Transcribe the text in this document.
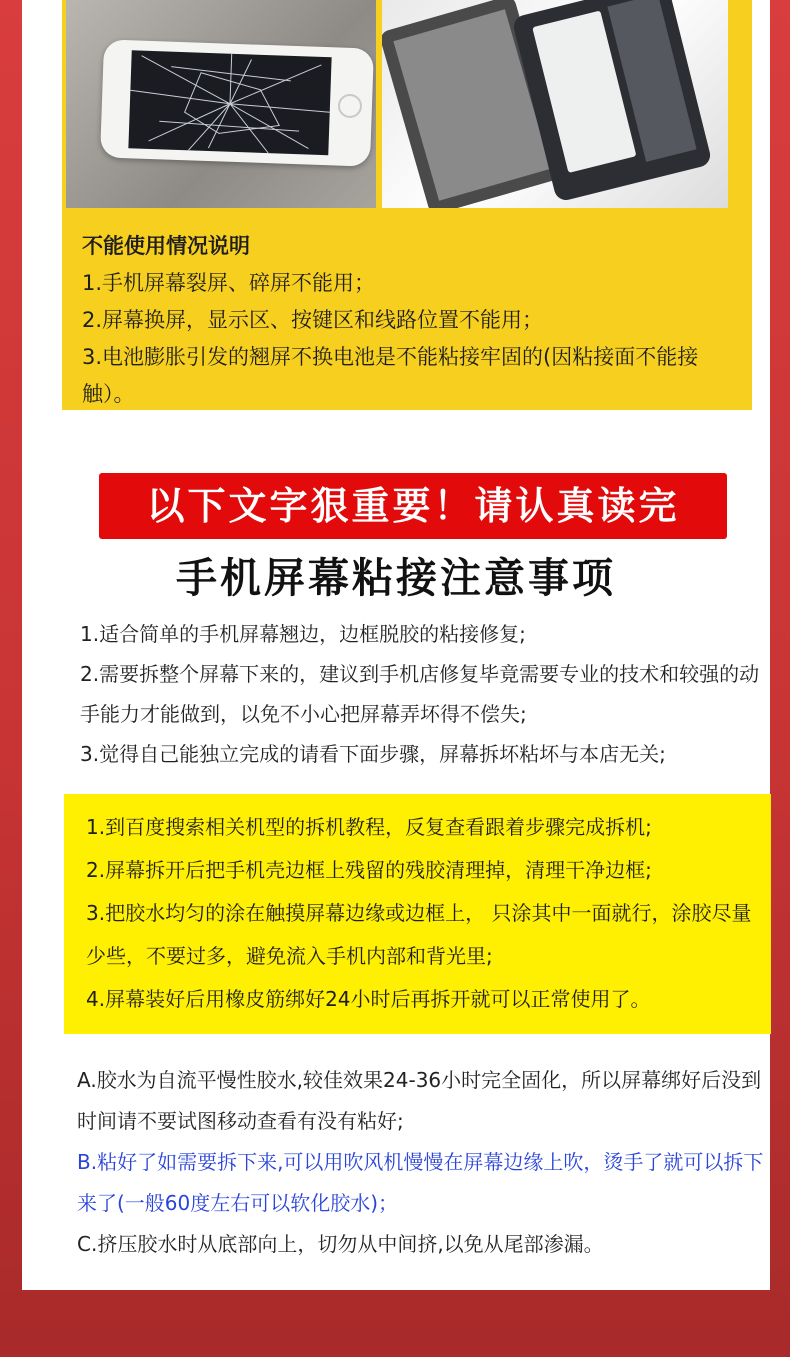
不能使用情况说明

1.手机屏幕裂屏、碎屏不能用；

2.屏幕换屏，显示区、按键区和线路位置不能用；

3.电池膨胀引发的翘屏不换电池是不能粘接牢固的(因粘接面不能接触）。

以下文字狠重要！请认真读完
手机屏幕粘接注意事项

1.适合简单的手机屏幕翘边，边框脱胶的粘接修复;

2.需要拆整个屏幕下来的，建议到手机店修复毕竟需要专业的技术和较强的动手能力才能做到，以免不小心把屏幕弄坏得不偿失;

3.觉得自己能独立完成的请看下面步骤，屏幕拆坏粘坏与本店无关;

1.到百度搜索相关机型的拆机教程，反复查看跟着步骤完成拆机;

2.屏幕拆开后把手机壳边框上残留的残胶清理掉，清理干净边框;

3.把胶水均匀的涂在触摸屏幕边缘或边框上， 只涂其中一面就行，涂胶尽量少些，不要过多，避免流入手机内部和背光里;

4.屏幕装好后用橡皮筋绑好24小时后再拆开就可以正常使用了。

A.胶水为自流平慢性胶水,较佳效果24-36小时完全固化，所以屏幕绑好后没到时间请不要试图移动查看有没有粘好;

B.粘好了如需要拆下来,可以用吹风机慢慢在屏幕边缘上吹，烫手了就可以拆下来了(一般60度左右可以软化胶水)；

C.挤压胶水时从底部向上，切勿从中间挤,以免从尾部渗漏。
